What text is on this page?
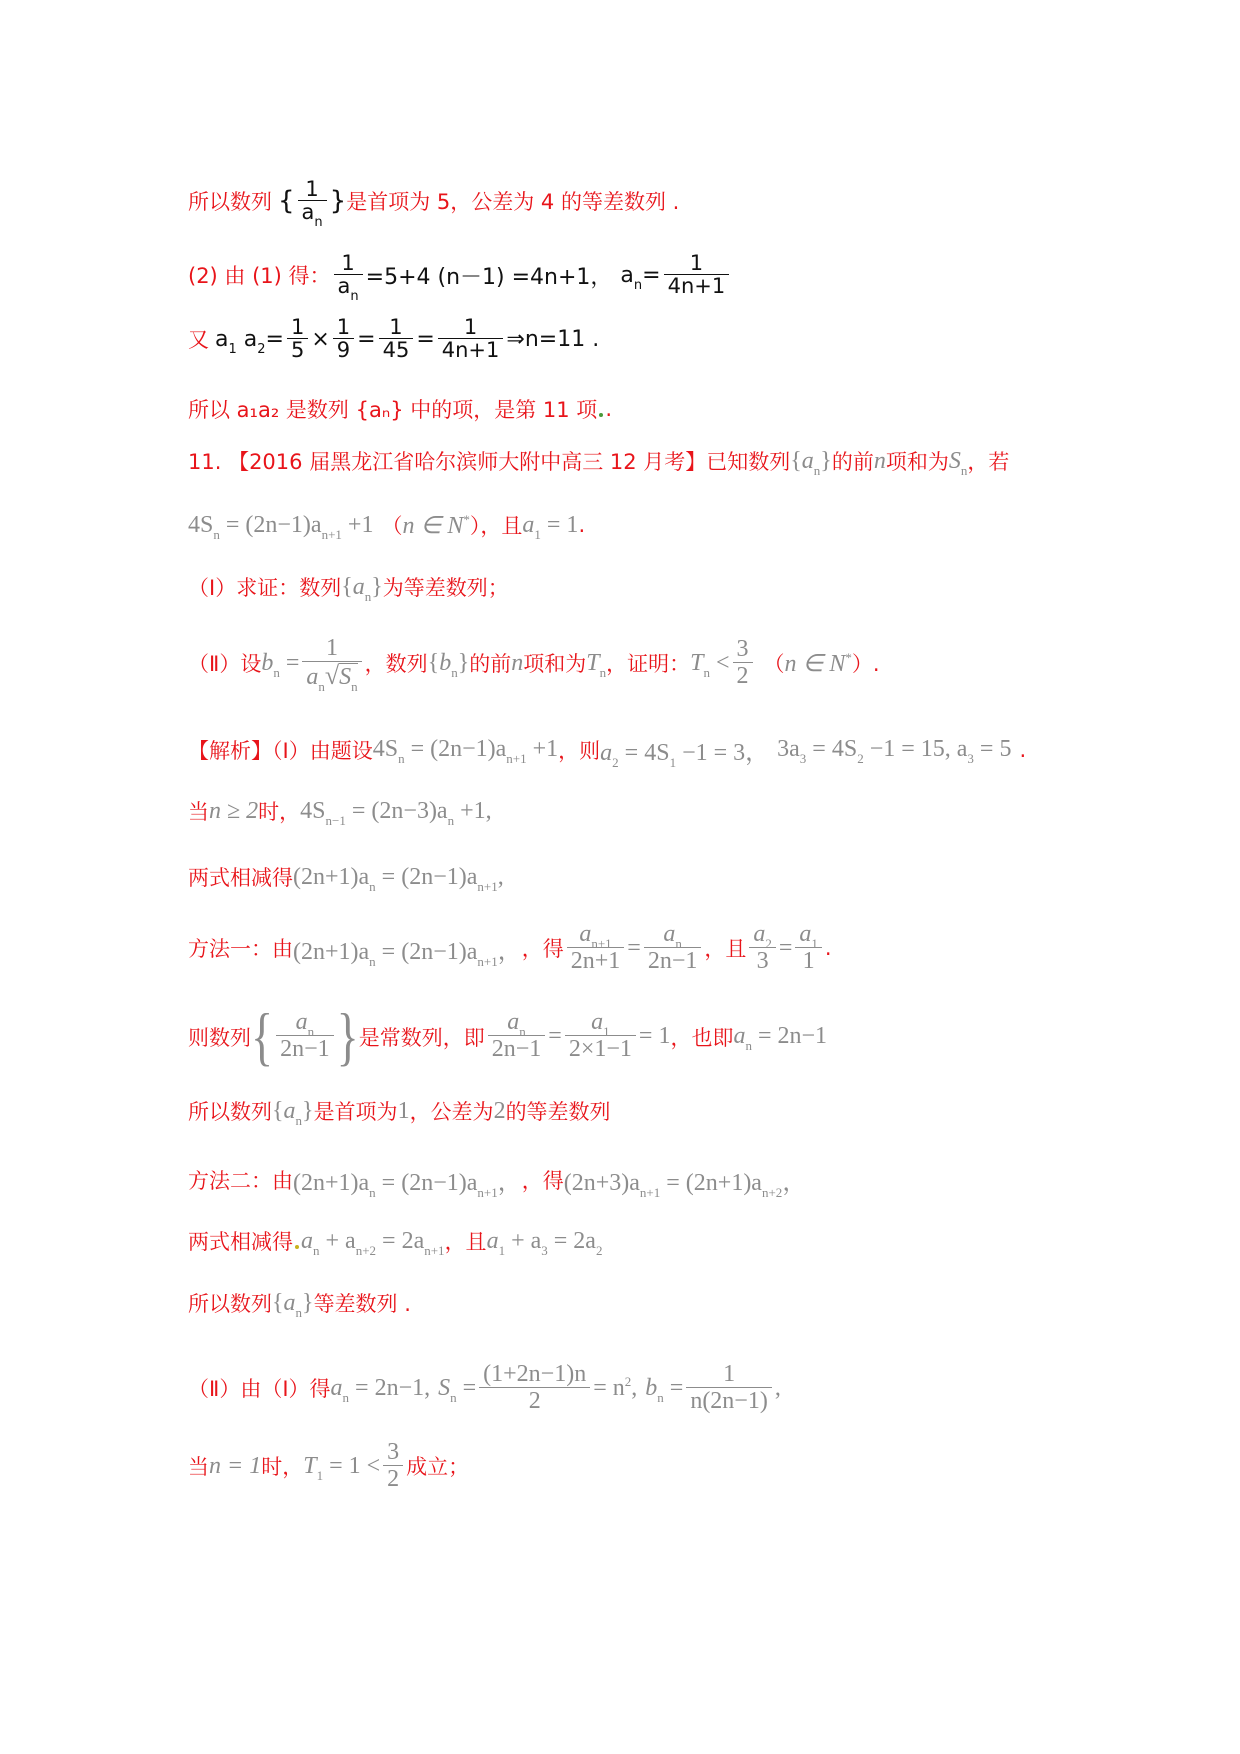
所以数列 { $\frac{1}{a_n}$ } 是首项为 5，公差为 4 的等差数列 .
(2) 由 (1) 得： $\frac{1}{a_n} =5+4$ (n－1) =4n+1， $a_n= \frac{1}{4n+1}$
又 $a_1$ $a_2= \frac{1}{5} \times \frac{1}{9} = \frac{1}{45} = \frac{1}{4n+1}$ ⇒n=11 .
所以 a₁a₂ 是数列 {aₙ} 中的项，是第 11 项 .
11. 【2016 届黑龙江省哈尔滨师大附中高三 12 月考】已知数列 $\{a_n\}$ 的前 n 项和为 $S_n$ ，若
$4S_n = (2n-1)a_{n+1} +1$ （ n ∈ N* ），且 $a_1 = 1$ .
（Ⅰ）求证：数列 $\{a_n\}$ 为等差数列；
（Ⅱ）设 $b_n = \frac{1}{a_n√S_n}$ ，数列 $\{b_n\}$ 的前 n 项和为 $T_n$ ，证明： $T_n < \frac{3}{2}$ （ n ∈ N* ）.
【解析】（Ⅰ）由题设 $4S_n = (2n-1)a_{n+1} +1$ ，则 $a_2 = 4S_1 -1 = 3$， $3a_3 = 4S_2 -1 = 15$, $a_3 = 5$ .
当 n ≥ 2 时， $4S_{n-1} = (2n-3)a_n +1$,
两式相减得 $(2n+1)a_n = (2n-1)a_{n+1}$,
方法一：由 $(2n+1)a_n = (2n-1)a_{n+1}$， ，得 $\frac{a_{n+1}}{2n+1} = \frac{a_n}{2n-1}$ ，且 $\frac{a_2}{3} = \frac{a_1}{1}$ .
则数列 { $\frac{a_n}{2n-1}$ } 是常数列，即 $\frac{a_n}{2n-1} = \frac{a_1}{2\times 1-1} = 1$ ，也即 $a_n = 2n-1$
所以数列 $\{a_n\}$ 是首项为 1 ，公差为 2 的等差数列
方法二：由 $(2n+1)a_n = (2n-1)a_{n+1}$， ，得 $(2n+3)a_{n+1} = (2n+1)a_{n+2}$，
两式相减得 $a_n + a_{n+2} = 2a_{n+1}$ ，且 $a_1 + a_3 = 2a_2$
所以数列 $\{a_n\}$ 等差数列 .
（Ⅱ）由（Ⅰ）得 $a_n = 2n-1$, $S_n = \frac{(1+2n-1)n}{2} = n^2$, $b_n = \frac{1}{n(2n-1)}$ ,
当 n = 1 时， $T_1 = 1 < \frac{3}{2}$ 成立；
